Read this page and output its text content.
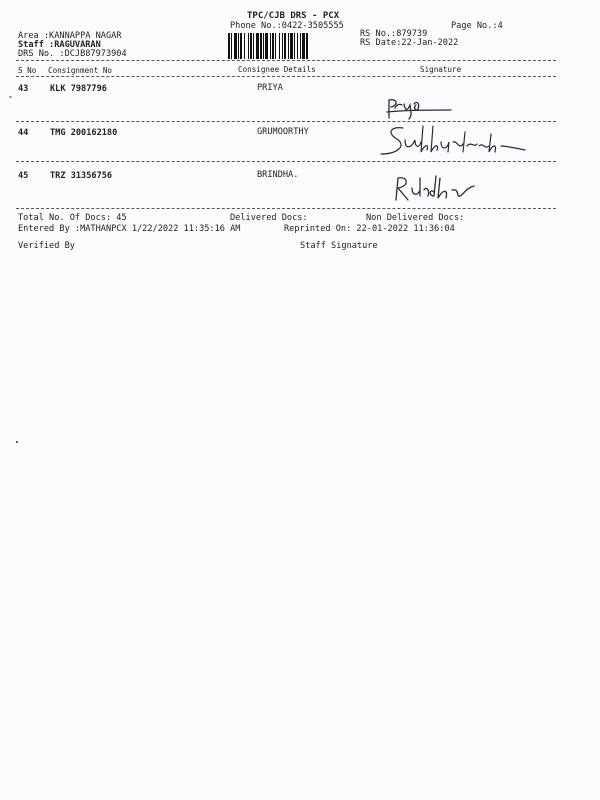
TPC/CJB DRS - PCX
Phone No.:0422-3505555	Page No.:4
Area :KANNAPPA NAGAR
Staff :RAGUVARAN
DRS No. :DCJB87973904
RS No.:879739
RS Date:22-Jan-2022
S No Consignment No	Consignee Details	Signature
43	KLK 7987796	PRIYA
44	TMG 200162180	GRUMOORTHY
45	TRZ 31356756	BRINDHA.
Total No. Of Docs: 45	Delivered Docs:	Non Delivered Docs:
Entered By :MATHANPCX 1/22/2022 11:35:16 AM	Reprinted On: 22-01-2022 11:36:04
Verified By	Staff Signature
